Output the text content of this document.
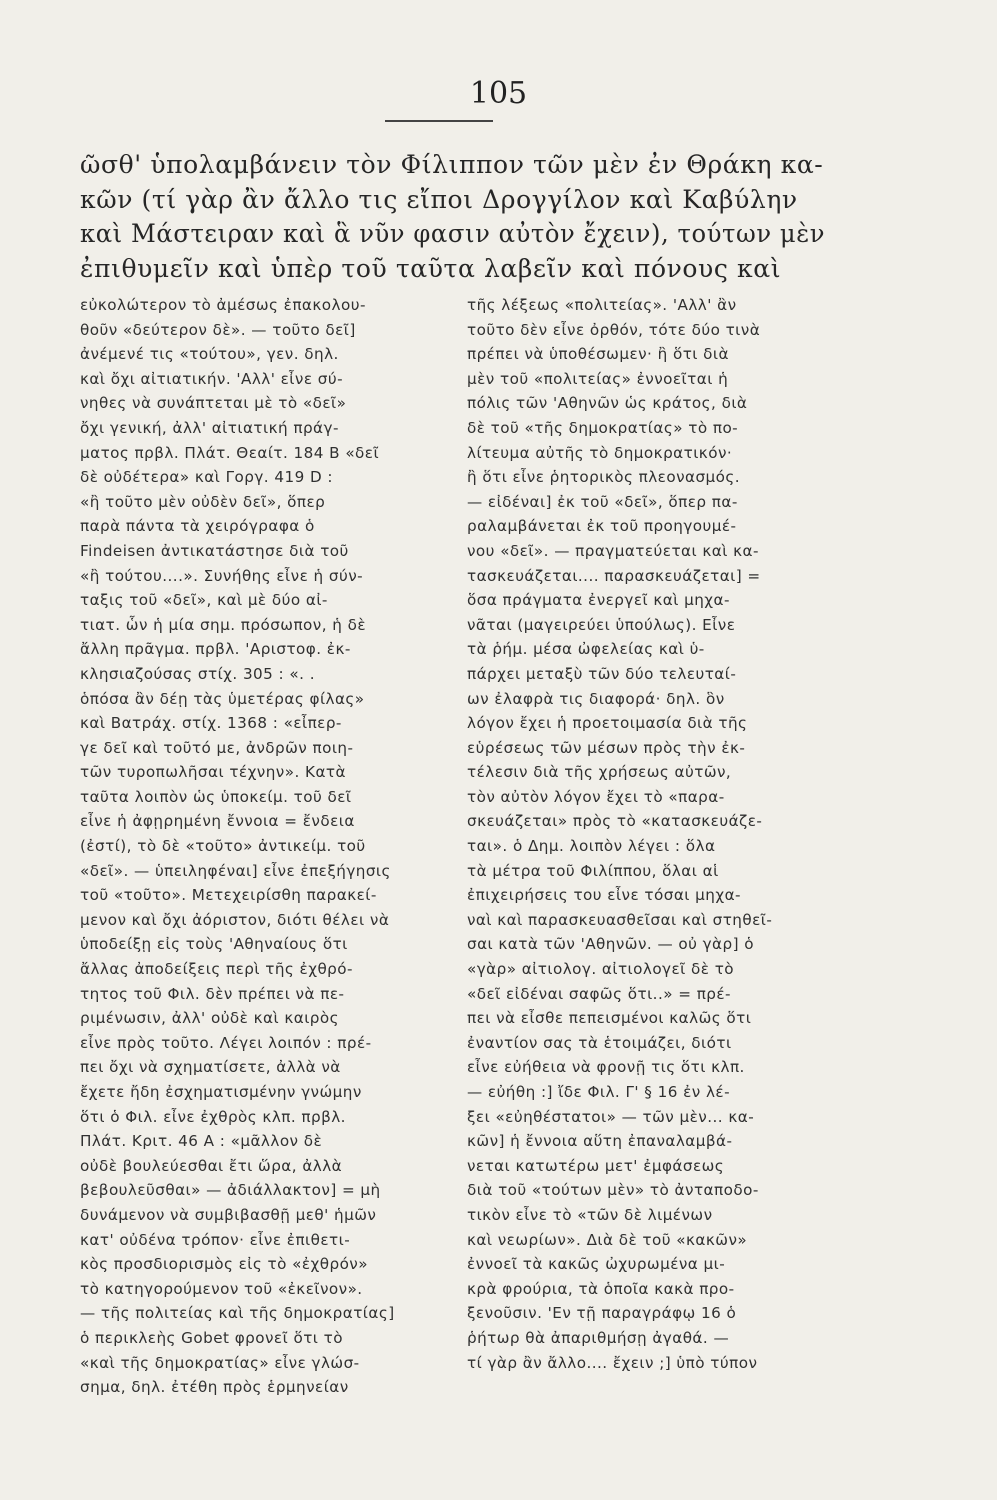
105
ῶσθ' ὑπολαμβάνειν τὸν Φίλιππον τῶν μὲν ἐν Θράκη κα-
κῶν (τί γὰρ ἂν ἄλλο τις εἴποι Δρογγίλον καὶ Καβύλην
καὶ Μάστειραν καὶ ἃ νῦν φασιν αὐτὸν ἔχειν), τούτων μὲν
ἐπιθυμεῖν καὶ ὑπὲρ τοῦ ταῦτα λαβεῖν καὶ πόνους καὶ
εὐκολώτερον τὸ ἀμέσως ἐπακολου-
θοῦν «δεύτερον δὲ». — τοῦτο δεῖ]
ἀνέμενέ τις «τούτου», γεν. δηλ.
καὶ ὄχι αἰτιατικήν. 'Αλλ' εἶνε σύ-
νηθες νὰ συνάπτεται μὲ τὸ «δεῖ»
ὄχι γενική, ἀλλ' αἰτιατική πράγ-
ματος πρβλ. Πλάτ. Θεαίτ. 184 Β «δεῖ
δὲ οὐδέτερα» καὶ Γοργ. 419 D :
«ἢ τοῦτο μὲν οὐδὲν δεῖ», ὅπερ
παρὰ πάντα τὰ χειρόγραφα ὁ
Findeisen ἀντικατάστησε διὰ τοῦ
«ἢ τούτου....». Συνήθης εἶνε ἡ σύν-
ταξις τοῦ «δεῖ», καὶ μὲ δύο αἰ-
τιατ. ὧν ἡ μία σημ. πρόσωπον, ἡ δὲ
ἄλλη πρᾶγμα. πρβλ. 'Αριστοφ. ἐκ-
κλησιαζούσας στίχ. 305 : «. .
ὁπόσα ἂν δέῃ τὰς ὑμετέρας φίλας»
καὶ Βατράχ. στίχ. 1368 : «εἶπερ-
γε δεῖ καὶ τοῦτό με, ἀνδρῶν ποιη-
τῶν τυροπωλῆσαι τέχνην». Κατὰ
ταῦτα λοιπὸν ὡς ὑποκείμ. τοῦ δεῖ
εἶνε ἡ ἀφῃρημένη ἔννοια = ἔνδεια
(ἐστί), τὸ δὲ «τοῦτο» ἀντικείμ. τοῦ
«δεῖ». — ὑπειληφέναι] εἶνε ἐπεξήγησις
τοῦ «τοῦτο». Μετεχειρίσθη παρακεί-
μενον καὶ ὄχι ἀόριστον, διότι θέλει νὰ
ὑποδείξῃ εἰς τοὺς 'Αθηναίους ὅτι
ἄλλας ἀποδείξεις περὶ τῆς ἐχθρό-
τητος τοῦ Φιλ. δὲν πρέπει νὰ πε-
ριμένωσιν, ἀλλ' οὐδὲ καὶ καιρὸς
εἶνε πρὸς τοῦτο. Λέγει λοιπόν : πρέ-
πει ὄχι νὰ σχηματίσετε, ἀλλὰ νὰ
ἔχετε ἤδη ἐσχηματισμένην γνώμην
ὅτι ὁ Φιλ. εἶνε ἐχθρὸς κλπ. πρβλ.
Πλάτ. Κριτ. 46 Α : «μᾶλλον δὲ
οὐδὲ βουλεύεσθαι ἔτι ὥρα, ἀλλὰ
βεβουλεῦσθαι» — ἀδιάλλακτον] = μὴ
δυνάμενον νὰ συμβιβασθῇ μεθ' ἡμῶν
κατ' οὐδένα τρόπον· εἶνε ἐπιθετι-
κὸς προσδιορισμὸς εἰς τὸ «ἐχθρόν»
τὸ κατηγορούμενον τοῦ «ἐκεῖνον».
— τῆς πολιτείας καὶ τῆς δημοκρατίας]
ὁ περικλεὴς Gobet φρονεῖ ὅτι τὸ
«καὶ τῆς δημοκρατίας» εἶνε γλώσ-
σημα, δηλ. ἐτέθη πρὸς ἑρμηνείαν
τῆς λέξεως «πολιτείας». 'Αλλ' ἂν
τοῦτο δὲν εἶνε ὀρθόν, τότε δύο τινὰ
πρέπει νὰ ὑποθέσωμεν· ἢ ὅτι διὰ
μὲν τοῦ «πολιτείας» ἐννοεῖται ἡ
πόλις τῶν 'Αθηνῶν ὡς κράτος, διὰ
δὲ τοῦ «τῆς δημοκρατίας» τὸ πο-
λίτευμα αὐτῆς τὸ δημοκρατικόν·
ἢ ὅτι εἶνε ῥητορικὸς πλεονασμός.
— εἰδέναι] ἐκ τοῦ «δεῖ», ὅπερ πα-
ραλαμβάνεται ἐκ τοῦ προηγουμέ-
νου «δεῖ». — πραγματεύεται καὶ κα-
τασκευάζεται.... παρασκευάζεται] =
ὅσα πράγματα ἐνεργεῖ καὶ μηχα-
νᾶται (μαγειρεύει ὑπούλως). Εἶνε
τὰ ῥήμ. μέσα ὠφελείας καὶ ὑ-
πάρχει μεταξὺ τῶν δύο τελευταί-
ων ἐλαφρὰ τις διαφορά· δηλ. ὃν
λόγον ἔχει ἡ προετοιμασία διὰ τῆς
εὑρέσεως τῶν μέσων πρὸς τὴν ἐκ-
τέλεσιν διὰ τῆς χρήσεως αὐτῶν,
τὸν αὐτὸν λόγον ἔχει τὸ «παρα-
σκευάζεται» πρὸς τὸ «κατασκευάζε-
ται». ὁ Δημ. λοιπὸν λέγει : ὅλα
τὰ μέτρα τοῦ Φιλίππου, ὅλαι αἱ
ἐπιχειρήσεις του εἶνε τόσαι μηχα-
ναὶ καὶ παρασκευασθεῖσαι καὶ στηθεῖ-
σαι κατὰ τῶν 'Αθηνῶν. — οὐ γὰρ] ὁ
«γὰρ» αἰτιολογ. αἰτιολογεῖ δὲ τὸ
«δεῖ εἰδέναι σαφῶς ὅτι..» = πρέ-
πει νὰ εἶσθε πεπεισμένοι καλῶς ὅτι
ἐναντίον σας τὰ ἑτοιμάζει, διότι
εἶνε εὐήθεια νὰ φρονῇ τις ὅτι κλπ.
— εὐήθη :] ἴδε Φιλ. Γ' § 16 ἐν λέ-
ξει «εὐηθέστατοι» — τῶν μὲν... κα-
κῶν] ἡ ἔννοια αὕτη ἐπαναλαμβά-
νεται κατωτέρω μετ' ἐμφάσεως
διὰ τοῦ «τούτων μὲν» τὸ ἀνταποδο-
τικὸν εἶνε τὸ «τῶν δὲ λιμένων
καὶ νεωρίων». Διὰ δὲ τοῦ «κακῶν»
ἐννοεῖ τὰ κακῶς ὠχυρωμένα μι-
κρὰ φρούρια, τὰ ὁποῖα κακὰ προ-
ξενοῦσιν. 'Εν τῇ παραγράφῳ 16 ὁ
ῥήτωρ θὰ ἀπαριθμήσῃ ἀγαθά. —
τί γὰρ ἂν ἄλλο.... ἔχειν ;] ὑπὸ τύπον
